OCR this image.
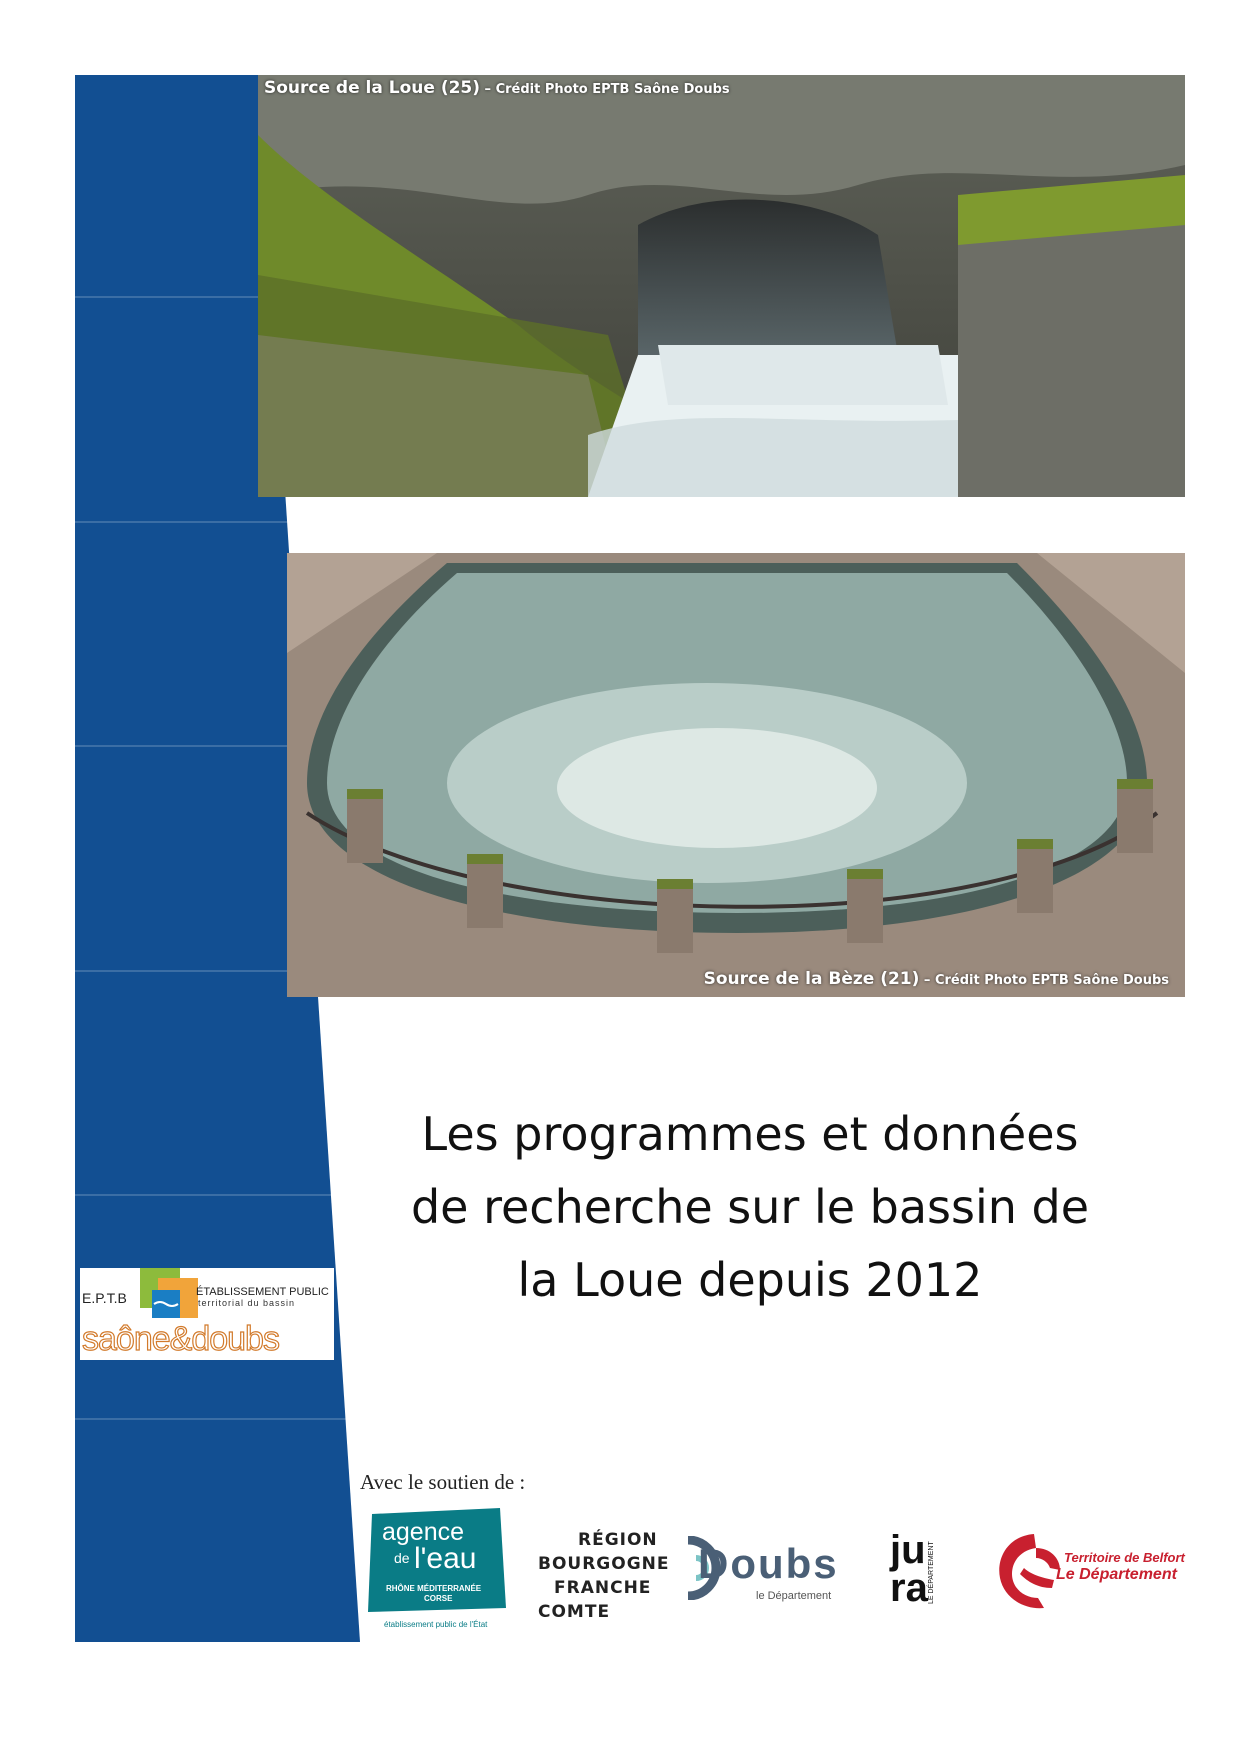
Source de la Loue (25) – Crédit Photo EPTB Saône Doubs
Source de la Bèze (21) – Crédit Photo EPTB Saône Doubs
Les programmes et données
de recherche sur le bassin de
la Loue depuis 2012
E.P.T.B	ÉTABLISSEMENT PUBLIC
territorial du bassin
saône&doubs
Avec le soutien de :
agence
de l'eau
RHÔNE MÉDITERRANÉE
CORSE
établissement public de l'État
RÉGION
BOURGOGNE
FRANCHE
COMTE
Doubs
le Département
ju
ra LE DÉPARTEMENT	Territoire de Belfort
Le Département
